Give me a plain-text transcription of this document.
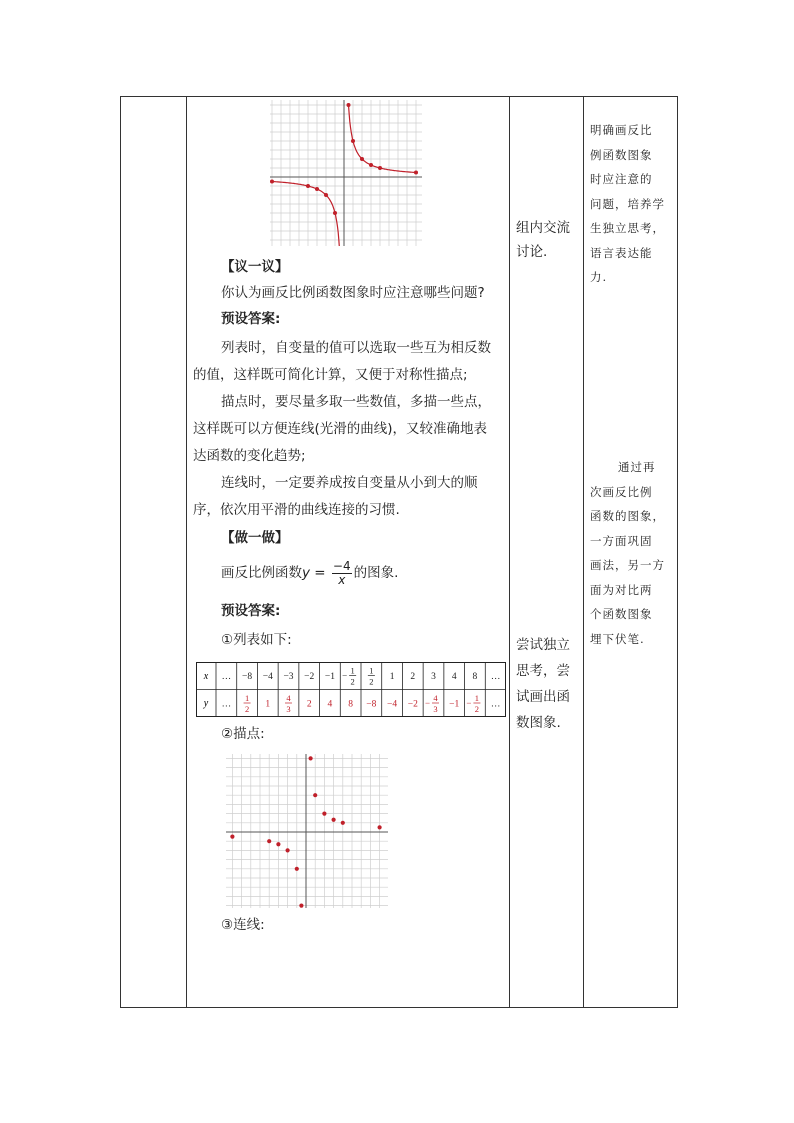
【议一议】
你认为画反比例函数图象时应注意哪些问题?
预设答案:
列表时，自变量的值可以选取一些互为相反数
的值，这样既可简化计算，又便于对称性描点;
描点时，要尽量多取一些数值，多描一些点，
这样既可以方便连线(光滑的曲线)，又较准确地表
达函数的变化趋势;
连线时，一定要养成按自变量从小到大的顺
序，依次用平滑的曲线连接的习惯.
【做一做】
画反比例函数$y = \frac{-4}{x}$ 的图象.
预设答案:
①列表如下:
x
y
… −8 −4 −3 −2 −1 − 1
2
1
2 1 2 3 4 8 …
…
1
2 1
4
3 2 4 8 −8 −4 −2 − 4
3 −1 − 1
2 …
②描点:
③连线:
组内交流
讨论.
尝试独立
思考，尝
试画出函
数图象.
明确画反比
例函数图象
时应注意的
问题，培养学
生独立思考，
语言表达能
力.
通过再
次画反比例
函数的图象，
一方面巩固
画法，另一方
面为对比两
个函数图象
埋下伏笔.
